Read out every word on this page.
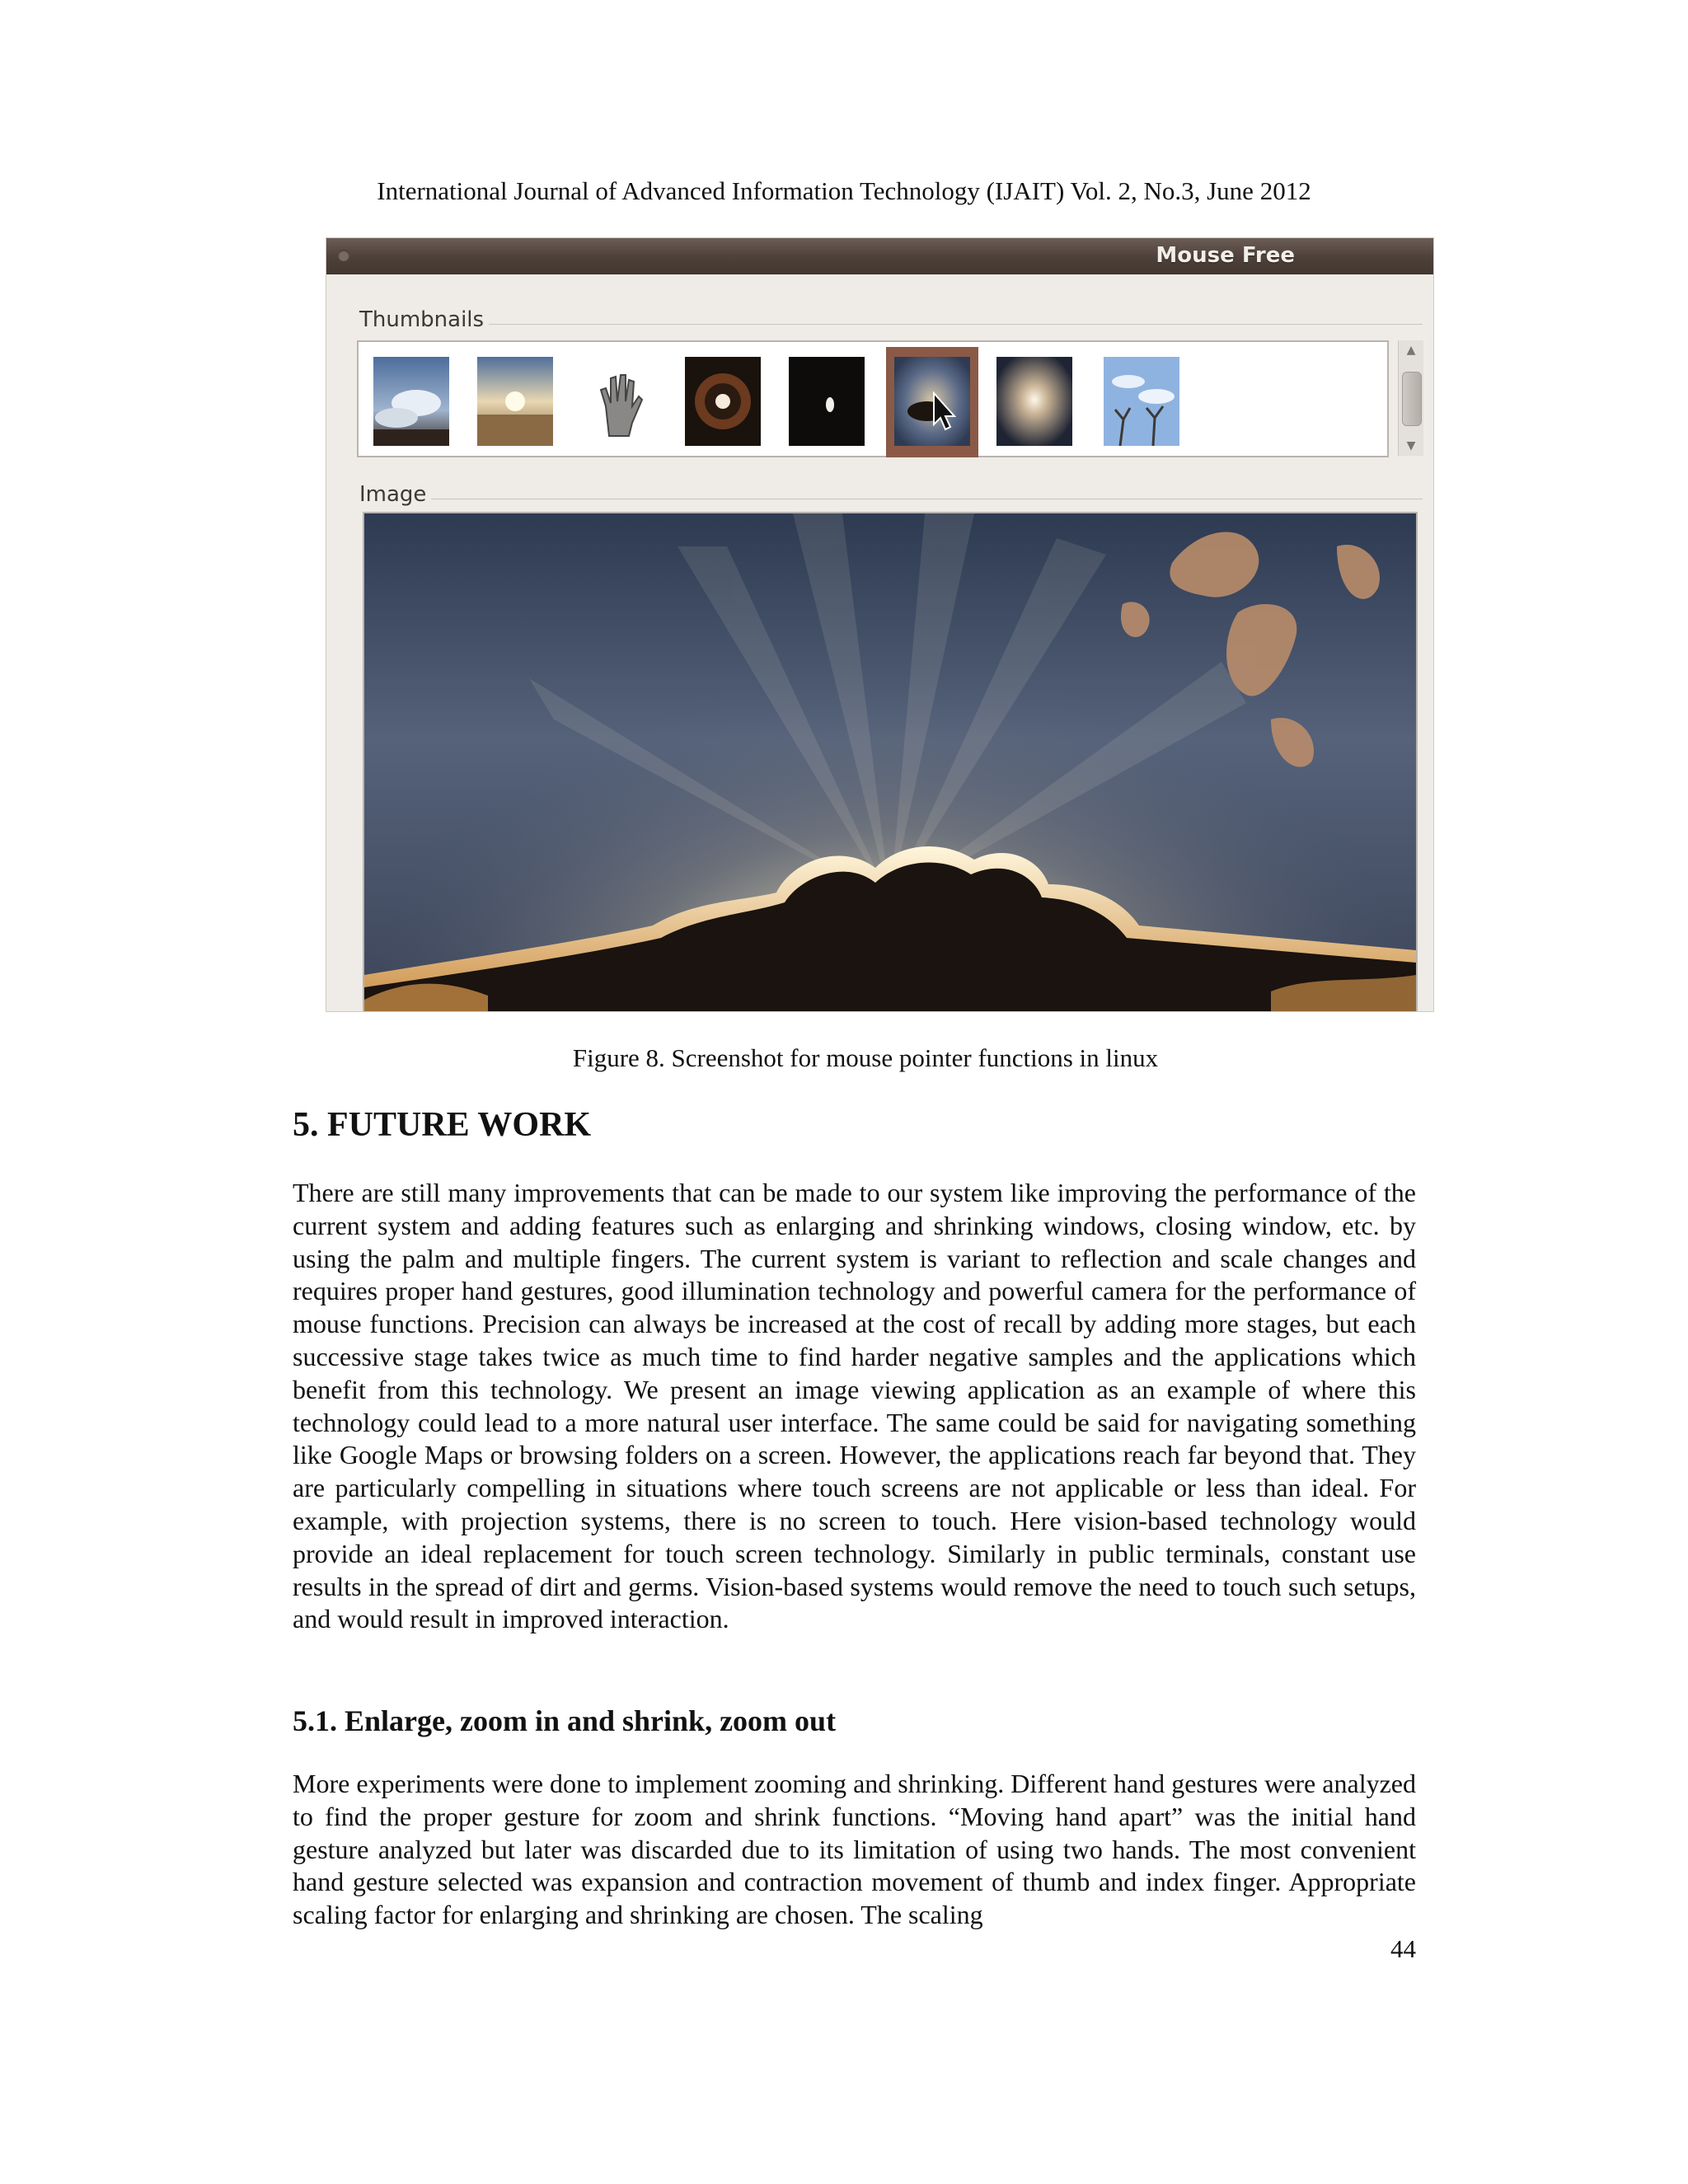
International Journal of Advanced Information Technology (IJAIT) Vol. 2, No.3, June 2012
Mouse Free
Thumbnails
▲
▼
Image
Figure 8. Screenshot for mouse pointer functions in linux
5. FUTURE WORK
There are still many improvements that can be made to our system like improving the performance of the current system and adding features such as enlarging and shrinking windows, closing window, etc. by using the palm and multiple fingers. The current system is variant to reflection and scale changes and requires proper hand gestures, good illumination technology and powerful camera for the performance of mouse functions. Precision can always be increased at the cost of recall by adding more stages, but each successive stage takes twice as much time to find harder negative samples and the applications which benefit from this technology. We present an image viewing application as an example of where this technology could lead to a more natural user interface. The same could be said for navigating something like Google Maps or browsing folders on a screen. However, the applications reach far beyond that. They are particularly compelling in situations where touch screens are not applicable or less than ideal. For example, with projection systems, there is no screen to touch. Here vision-based technology would provide an ideal replacement for touch screen technology. Similarly in public terminals, constant use results in the spread of dirt and germs. Vision-based systems would remove the need to touch such setups, and would result in improved interaction.
5.1. Enlarge, zoom in and shrink, zoom out
More experiments were done to implement zooming and shrinking. Different hand gestures were analyzed to find the proper gesture for zoom and shrink functions. “Moving hand apart” was the initial hand gesture analyzed but later was discarded due to its limitation of using two hands. The most convenient hand gesture selected was expansion and contraction movement of thumb and index finger. Appropriate scaling factor for enlarging and shrinking are chosen. The scaling
44
